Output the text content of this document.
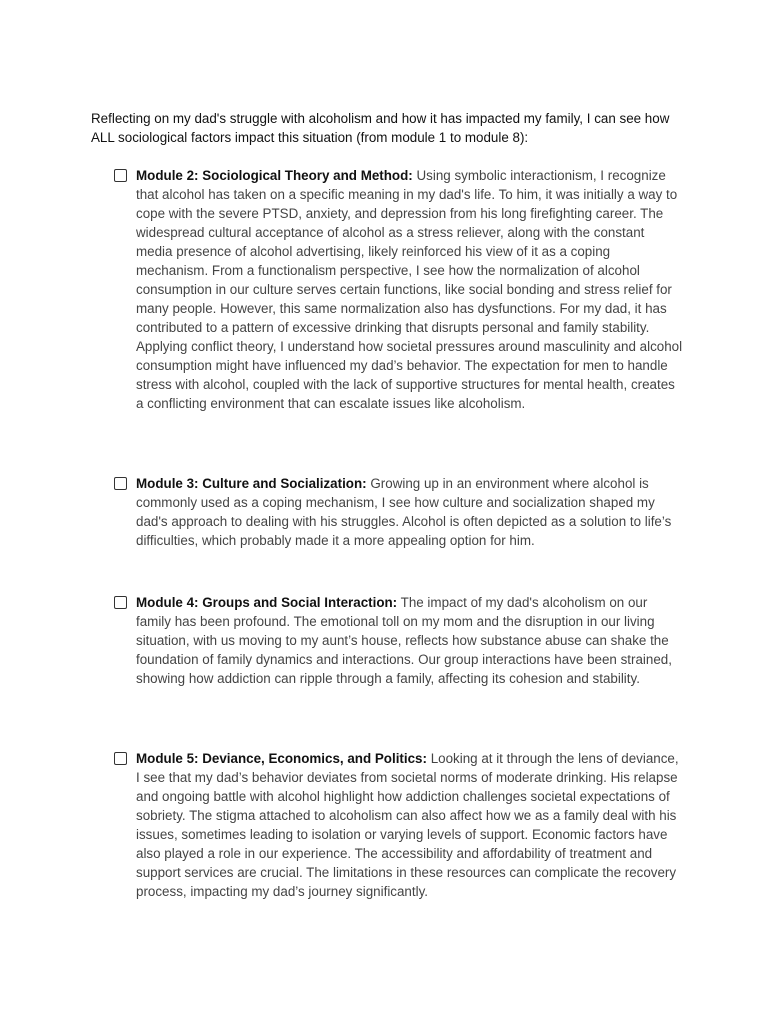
Reflecting on my dad's struggle with alcoholism and how it has impacted my family, I can see how ALL sociological factors impact this situation (from module 1 to module 8):

Module 2: Sociological Theory and Method: Using symbolic interactionism, I recognize that alcohol has taken on a specific meaning in my dad's life. To him, it was initially a way to cope with the severe PTSD, anxiety, and depression from his long firefighting career. The widespread cultural acceptance of alcohol as a stress reliever, along with the constant media presence of alcohol advertising, likely reinforced his view of it as a coping mechanism. From a functionalism perspective, I see how the normalization of alcohol consumption in our culture serves certain functions, like social bonding and stress relief for many people. However, this same normalization also has dysfunctions. For my dad, it has contributed to a pattern of excessive drinking that disrupts personal and family stability. Applying conflict theory, I understand how societal pressures around masculinity and alcohol consumption might have influenced my dad’s behavior. The expectation for men to handle stress with alcohol, coupled with the lack of supportive structures for mental health, creates a conflicting environment that can escalate issues like alcoholism.

Module 3: Culture and Socialization: Growing up in an environment where alcohol is commonly used as a coping mechanism, I see how culture and socialization shaped my dad's approach to dealing with his struggles. Alcohol is often depicted as a solution to life’s difficulties, which probably made it a more appealing option for him.

Module 4: Groups and Social Interaction: The impact of my dad's alcoholism on our family has been profound. The emotional toll on my mom and the disruption in our living situation, with us moving to my aunt’s house, reflects how substance abuse can shake the foundation of family dynamics and interactions. Our group interactions have been strained, showing how addiction can ripple through a family, affecting its cohesion and stability.

Module 5: Deviance, Economics, and Politics: Looking at it through the lens of deviance, I see that my dad’s behavior deviates from societal norms of moderate drinking. His relapse and ongoing battle with alcohol highlight how addiction challenges societal expectations of sobriety. The stigma attached to alcoholism can also affect how we as a family deal with his issues, sometimes leading to isolation or varying levels of support. Economic factors have also played a role in our experience. The accessibility and affordability of treatment and support services are crucial. The limitations in these resources can complicate the recovery process, impacting my dad’s journey significantly.
